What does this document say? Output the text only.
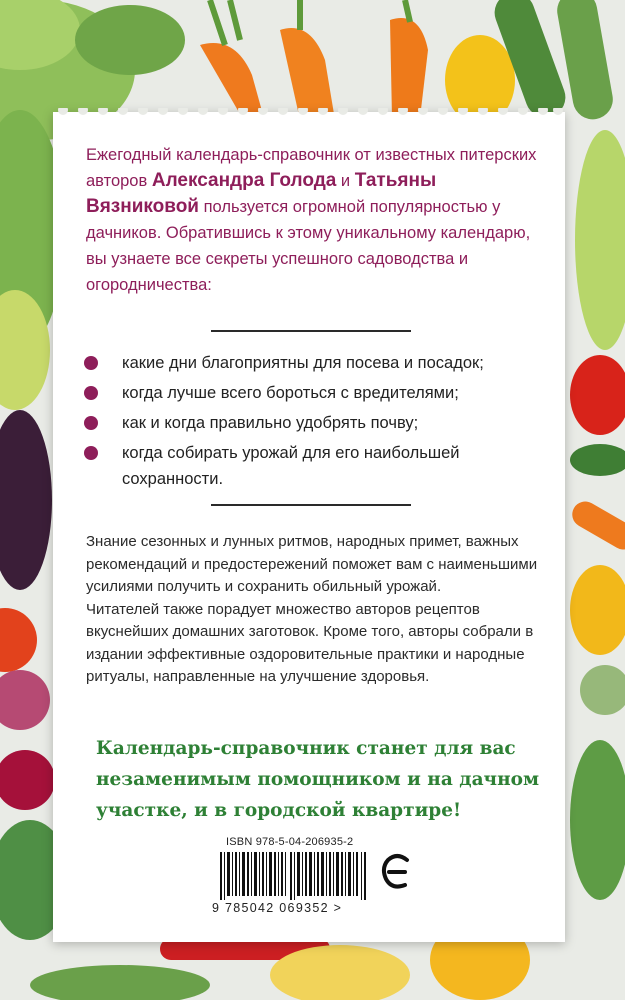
Ежегодный календарь-справочник от известных питерских авторов Александра Голода и Татьяны Вязниковой пользуется огромной популярностью у дачников. Обратившись к этому уникальному календарю, вы узнаете все секреты успешного садоводства и огородничества:

какие дни благоприятны для посева и посадок;
когда лучше всего бороться с вредителями;
как и когда правильно удобрять почву;
когда собирать урожай для его наибольшей сохранности.
Знание сезонных и лунных ритмов, народных примет, важных рекомендаций и предостережений поможет вам с наименьшими усилиями получить и сохранить обильный урожай.
Читателей также порадует множество авторов рецептов вкуснейших домашних заготовок. Кроме того, авторы собрали в издании эффективные оздоровительные практики и народные ритуалы, направленные на улучшение здоровья.

Календарь-справочник станет для вас незаменимым помощником и на дачном участке, и в городской квартире!

ISBN 978-5-04-206935-2
9 785042 069352 >
